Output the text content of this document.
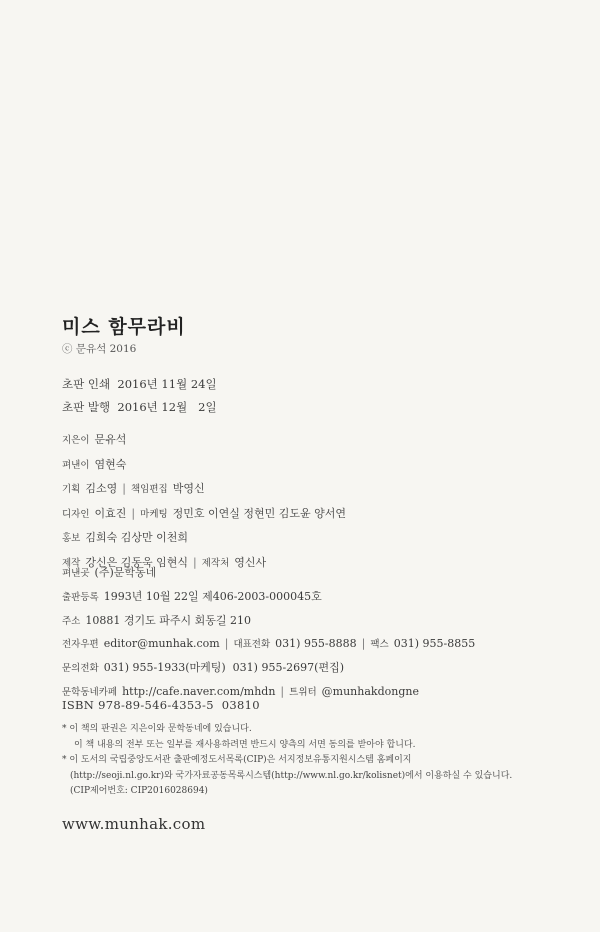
미스 함무라비
ⓒ 문유석 2016
초판 인쇄  2016년 11월 24일
초판 발행  2016년 12월   2일
지은이 문유석
펴낸이 염현숙
기획 김소영 | 책임편집 박영신
디자인 이효진 | 마케팅 정민호 이연실 정현민 김도윤 양서연
홍보 김희숙 김상만 이천희
제작 강신은 김동욱 임현식 | 제작처 영신사
펴낸곳 (주)문학동네
출판등록 1993년 10월 22일 제406-2003-000045호
주소 10881 경기도 파주시 회동길 210
전자우편 editor@munhak.com | 대표전화 031) 955-8888 | 팩스 031) 955-8855
문의전화 031) 955-1933(마케팅) 031) 955-2697(편집)
문학동네카페 http://cafe.naver.com/mhdn | 트위터 @munhakdongne
ISBN 978-89-546-4353-5  03810
* 이 책의 판권은 지은이와 문학동네에 있습니다.
이 책 내용의 전부 또는 일부를 재사용하려면 반드시 양측의 서면 동의를 받아야 합니다.
* 이 도서의 국립중앙도서관 출판예정도서목록(CIP)은 서지정보유통지원시스템 홈페이지
(http://seoji.nl.go.kr)와 국가자료공동목록시스템(http://www.nl.go.kr/kolisnet)에서 이용하실 수 있습니다.
(CIP제어번호: CIP2016028694)
www.munhak.com
